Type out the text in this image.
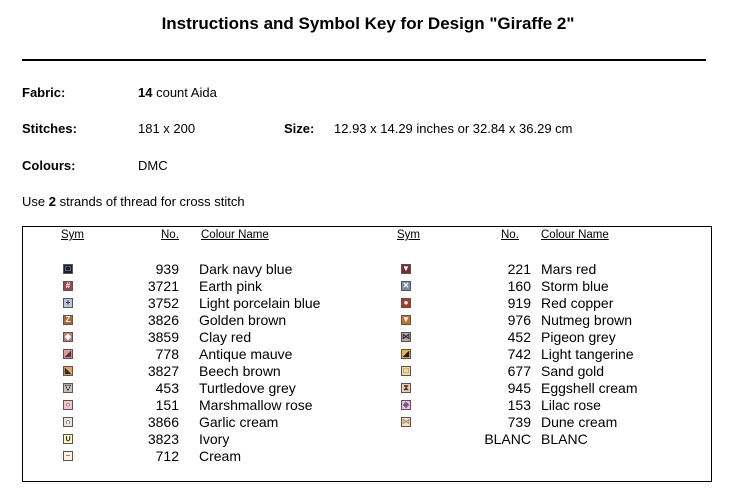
Instructions and Symbol Key for Design "Giraffe 2"
Fabric:	14 count Aida
Stitches:	181 x 200	Size: 12.93 x 14.29 inches or 32.84 x 36.29 cm
Colours:	DMC
Use 2 strands of thread for cross stitch
Sym	No. Colour Name	Sym	No. Colour Name
□	939 Dark navy blue
#	3721 Earth pink
+	3752 Light porcelain blue
Z	3826 Golden brown
◆	3859 Clay red
◢	778 Antique mauve
◣	3827 Beech brown
▽	453 Turtledove grey
○	151 Marshmallow rose
∩	3866 Garlic cream
∪	3823 Ivory
−	712 Cream
▼	221 Mars red
✕	160 Storm blue
●	919 Red copper
▼	976 Nutmeg brown
⋈	452 Pigeon grey
◢	742 Light tangerine
□	677 Sand gold
⧗	945 Eggshell cream
◆	153 Lilac rose
⋈	739 Dune cream
BLANC BLANC
